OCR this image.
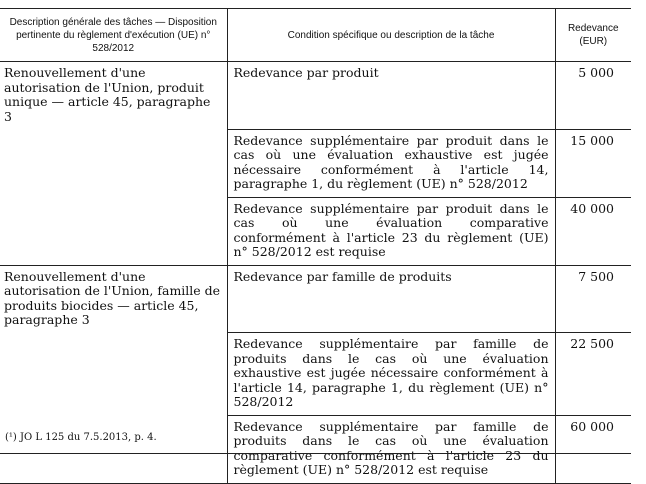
Description générale des tâches — Disposition pertinente du règlement d'exécution (UE) n° 528/2012	Condition spécifique ou description de la tâche	Redevance (EUR)
Renouvellement d'une autorisation de l'Union, produit unique — article 45, paragraphe 3	Redevance par produit	5 000
	Redevance supplémentaire par produit dans le cas où une évaluation exhaustive est jugée nécessaire conformément à l'article 14, paragraphe 1, du règlement (UE) n° 528/2012	15 000
	Redevance supplémentaire par produit dans le cas où une évaluation comparative conformément à l'article 23 du règlement (UE) n° 528/2012 est requise	40 000
Renouvellement d'une autorisation de l'Union, famille de produits biocides — article 45, paragraphe 3	Redevance par famille de produits	7 500
	Redevance supplémentaire par famille de produits dans le cas où une évaluation exhaustive est jugée nécessaire conformément à l'article 14, paragraphe 1, du règlement (UE) n° 528/2012	22 500
	Redevance supplémentaire par famille de produits dans le cas où une évaluation comparative conformément à l'article 23 du règlement (UE) n° 528/2012 est requise	60 000
(¹) JO L 125 du 7.5.2013, p. 4.
